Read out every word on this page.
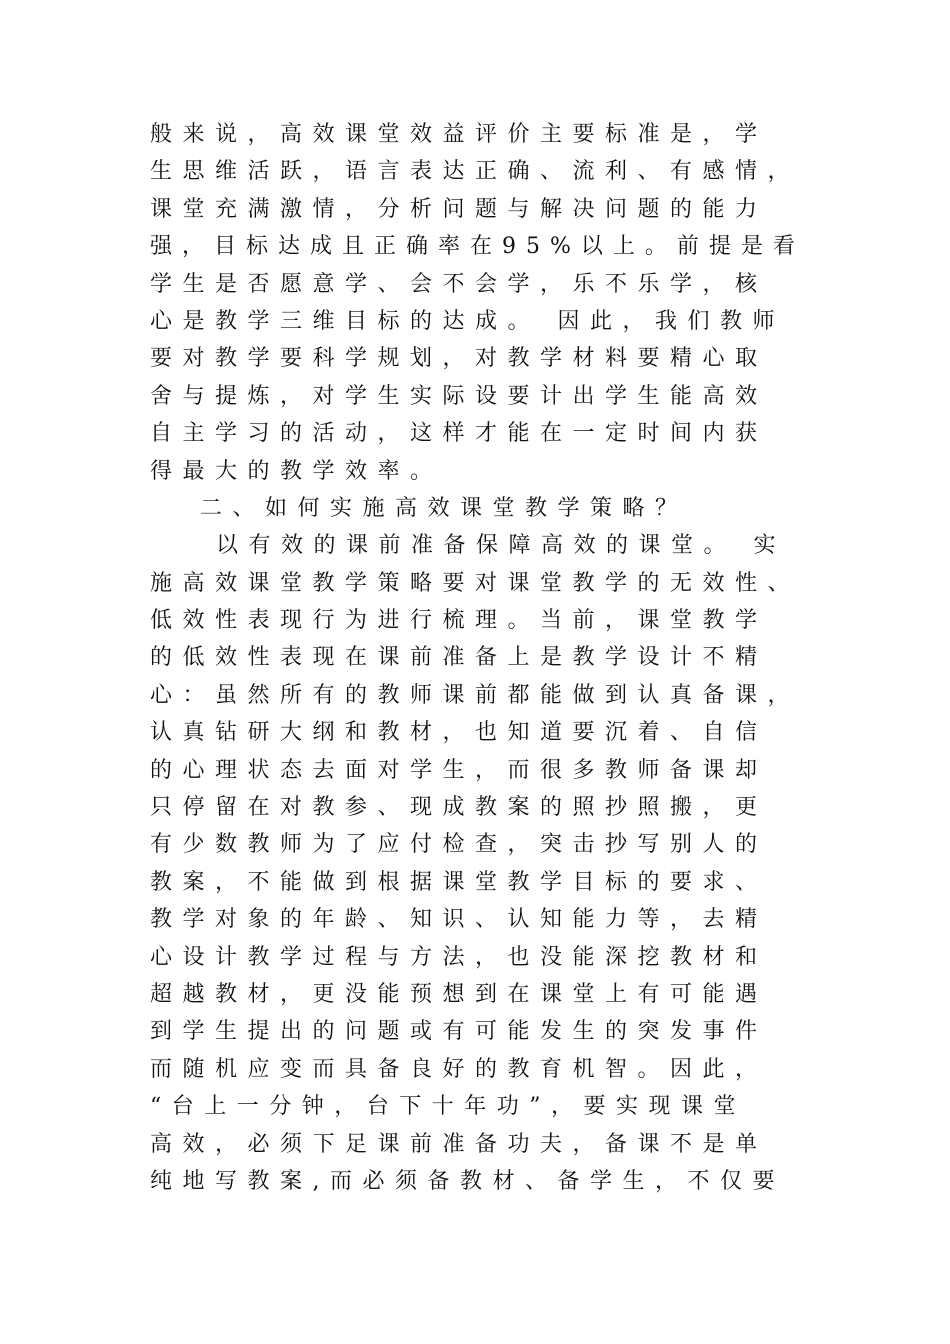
般来说，高效课堂效益评价主要标准是，学

生思维活跃，语言表达正确、流利、有感情，

课堂充满激情，分析问题与解决问题的能力

强，目标达成且正确率在95%以上。前提是看

学生是否愿意学、会不会学，乐不乐学，核

心是教学三维目标的达成。 因此，我们教师

要对教学要科学规划，对教学材料要精心取

舍与提炼，对学生实际设要计出学生能高效

自主学习的活动，这样才能在一定时间内获

得最大的教学效率。

二、如何实施高效课堂教学策略？

以有效的课前准备保障高效的课堂。 实

施高效课堂教学策略要对课堂教学的无效性、

低效性表现行为进行梳理。当前，课堂教学

的低效性表现在课前准备上是教学设计不精

心：虽然所有的教师课前都能做到认真备课，

认真钻研大纲和教材，也知道要沉着、自信

的心理状态去面对学生，而很多教师备课却

只停留在对教参、现成教案的照抄照搬，更

有少数教师为了应付检查，突击抄写别人的

教案，不能做到根据课堂教学目标的要求、

教学对象的年龄、知识、认知能力等，去精

心设计教学过程与方法，也没能深挖教材和

超越教材，更没能预想到在课堂上有可能遇

到学生提出的问题或有可能发生的突发事件

而随机应变而具备良好的教育机智。因此，

“台上一分钟，台下十年功”，要实现课堂

高效，必须下足课前准备功夫，备课不是单

纯地写教案,而必须备教材、备学生，不仅要
